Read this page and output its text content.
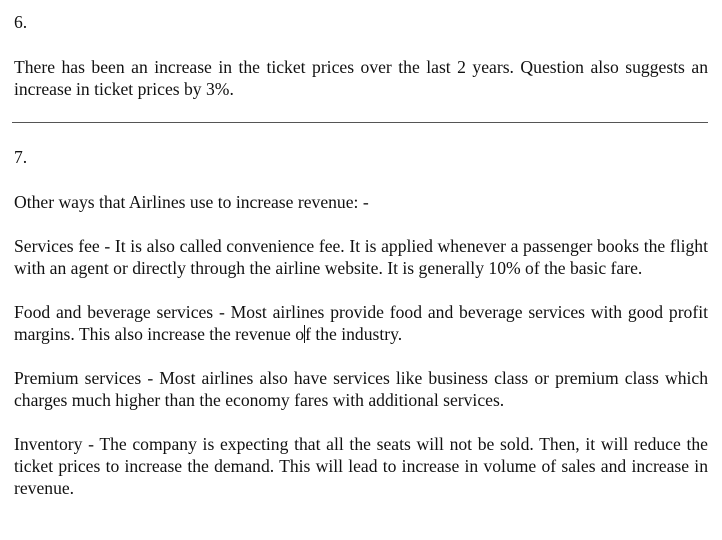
6.

There has been an increase in the ticket prices over the last 2 years. Question also suggests an increase in ticket prices by 3%.

7.

Other ways that Airlines use to increase revenue: -

Services fee - It is also called convenience fee. It is applied whenever a passenger books the flight with an agent or directly through the airline website. It is generally 10% of the basic fare.

Food and beverage services - Most airlines provide food and beverage services with good profit margins. This also increase the revenue of the industry.

Premium services - Most airlines also have services like business class or premium class which charges much higher than the economy fares with additional services.

Inventory - The company is expecting that all the seats will not be sold. Then, it will reduce the ticket prices to increase the demand. This will lead to increase in volume of sales and increase in revenue.
